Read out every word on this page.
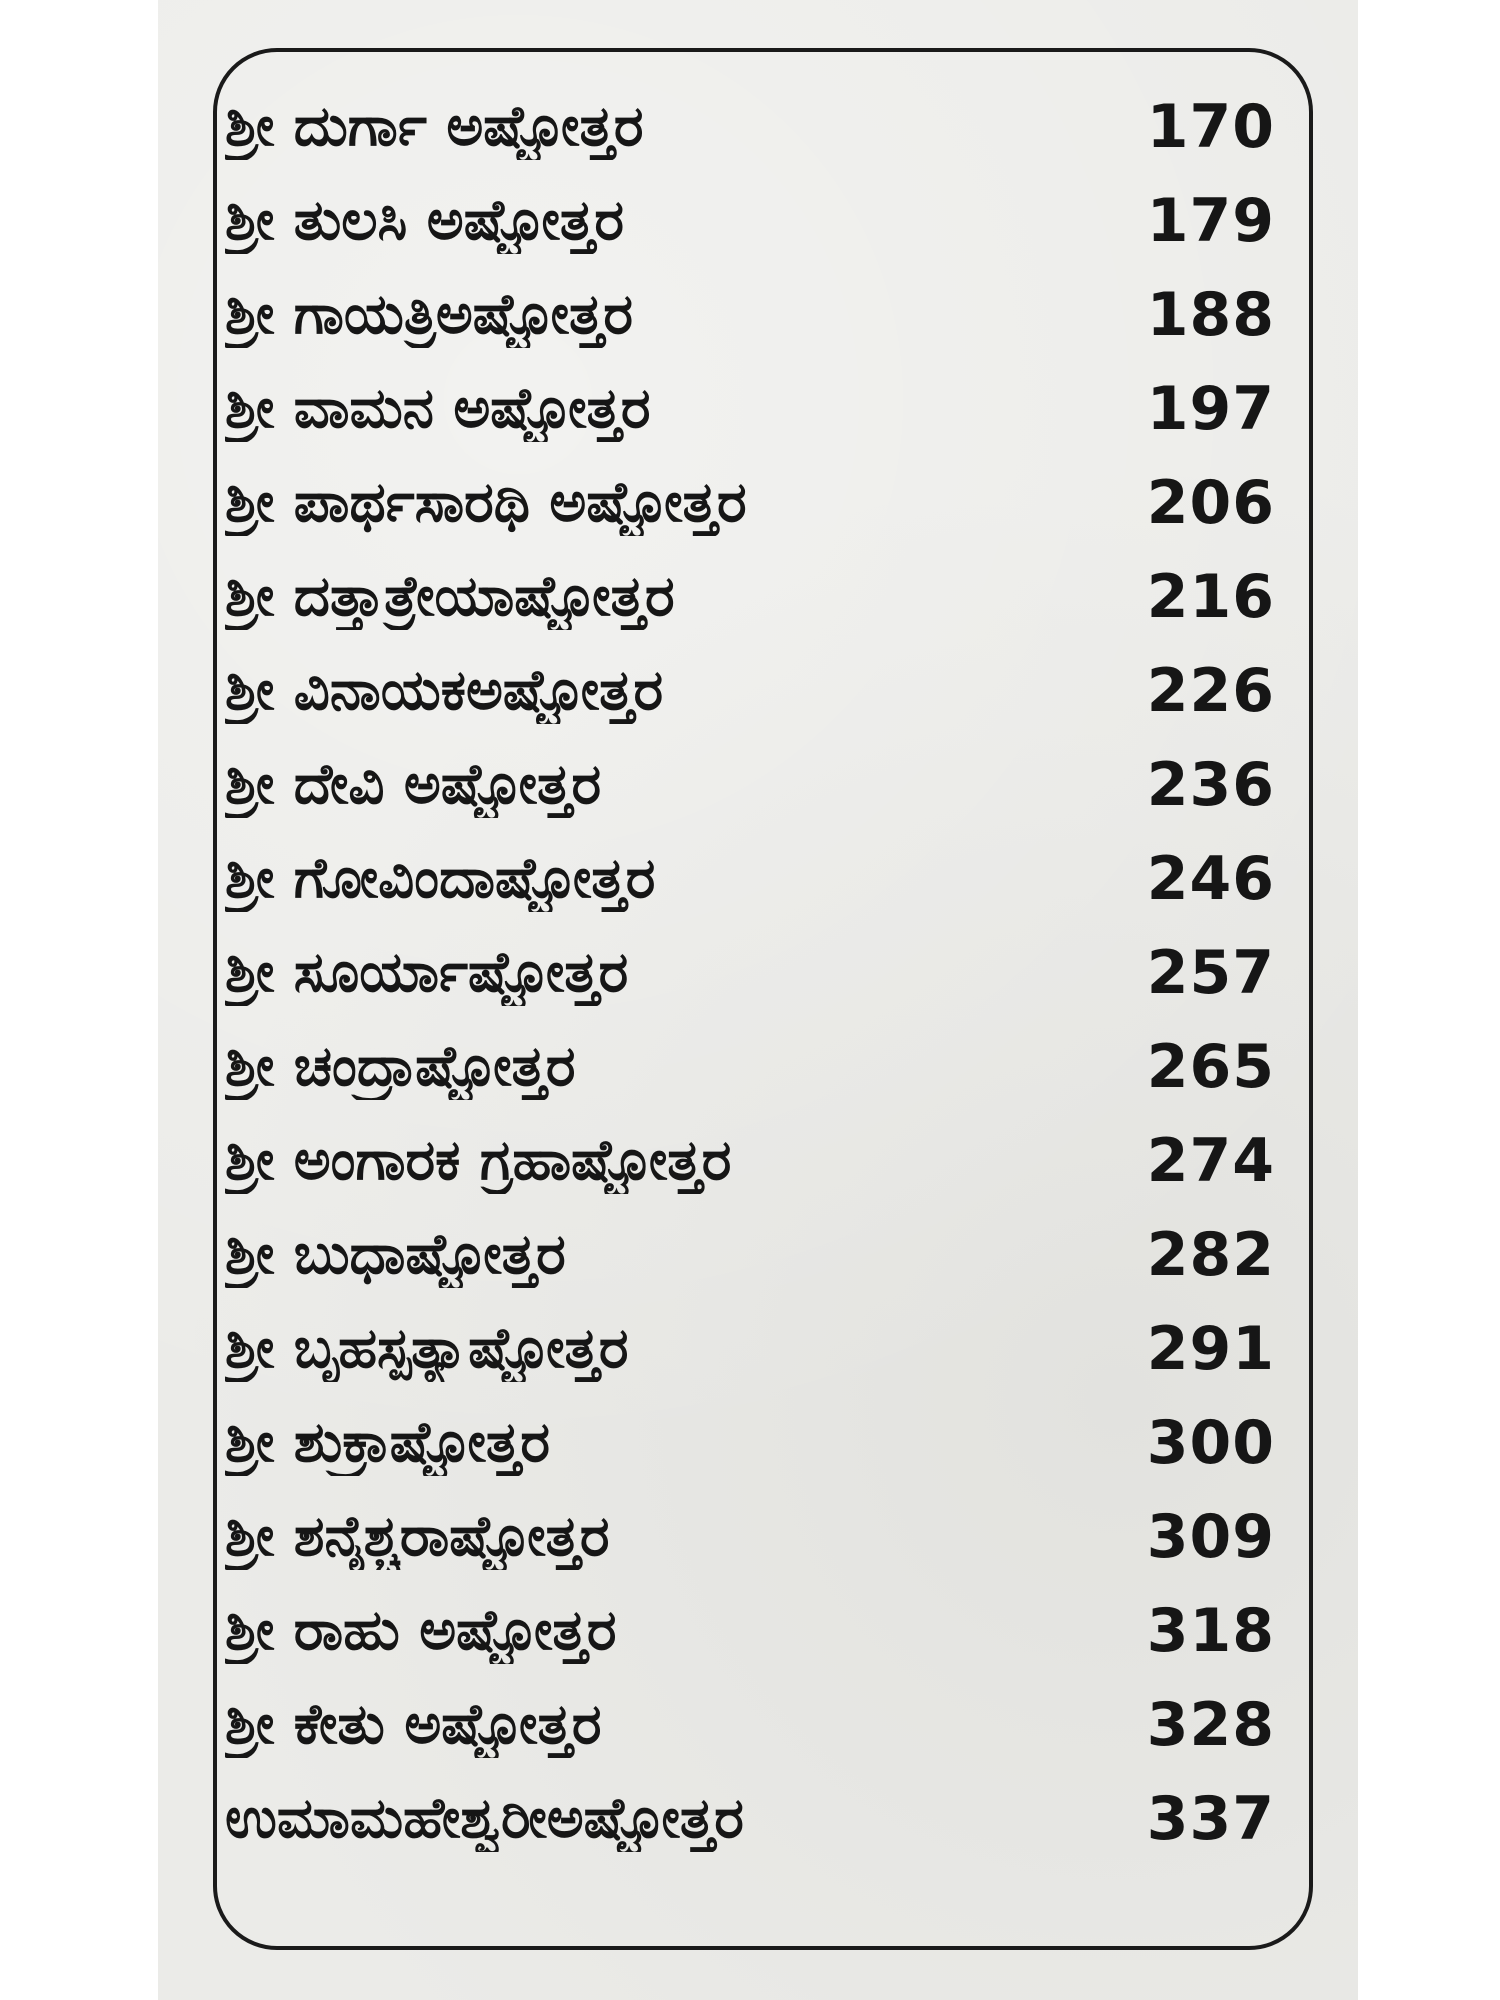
ಶ್ರೀ ದುರ್ಗಾ ಅಷ್ಟೋತ್ತರ	170
ಶ್ರೀ ತುಲಸಿ ಅಷ್ಟೋತ್ತರ	179
ಶ್ರೀ ಗಾಯತ್ರಿಅಷ್ಟೋತ್ತರ	188
ಶ್ರೀ ವಾಮನ ಅಷ್ಟೋತ್ತರ	197
ಶ್ರೀ ಪಾರ್ಥಸಾರಥಿ ಅಷ್ಟೋತ್ತರ	206
ಶ್ರೀ ದತ್ತಾತ್ರೇಯಾಷ್ಟೋತ್ತರ	216
ಶ್ರೀ ವಿನಾಯಕಅಷ್ಟೋತ್ತರ	226
ಶ್ರೀ ದೇವಿ ಅಷ್ಟೋತ್ತರ	236
ಶ್ರೀ ಗೋವಿಂದಾಷ್ಟೋತ್ತರ	246
ಶ್ರೀ ಸೂರ್ಯಾಷ್ಟೋತ್ತರ	257
ಶ್ರೀ ಚಂದ್ರಾಷ್ಟೋತ್ತರ	265
ಶ್ರೀ ಅಂಗಾರಕ ಗ್ರಹಾಷ್ಟೋತ್ತರ	274
ಶ್ರೀ ಬುಧಾಷ್ಟೋತ್ತರ	282
ಶ್ರೀ ಬೃಹಸ್ಪತ್ಯಾಷ್ಟೋತ್ತರ	291
ಶ್ರೀ ಶುಕ್ರಾಷ್ಟೋತ್ತರ	300
ಶ್ರೀ ಶನೈಶ್ಚರಾಷ್ಟೋತ್ತರ	309
ಶ್ರೀ ರಾಹು ಅಷ್ಟೋತ್ತರ	318
ಶ್ರೀ ಕೇತು ಅಷ್ಟೋತ್ತರ	328
ಉಮಾಮಹೇಶ್ವರೀಅಷ್ಟೋತ್ತರ	337
